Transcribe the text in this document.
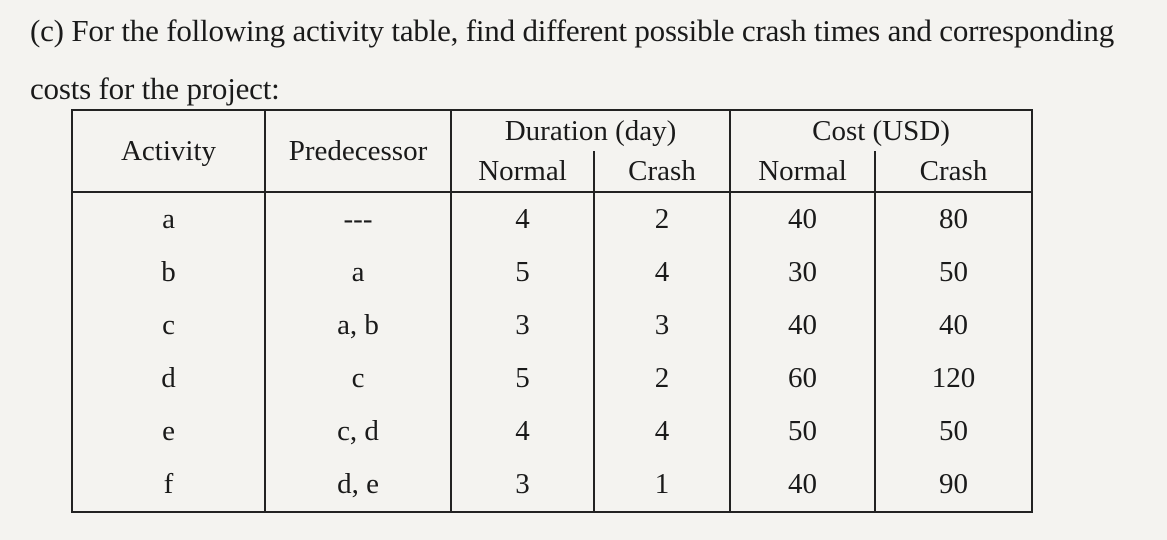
(c) For the following activity table, find different possible crash times and corresponding
costs for the project:
Activity	Predecessor	Duration (day)		Cost (USD)	
		Normal	Crash	Normal	Crash
a	---	4	2	40	80
b	a	5	4	30	50
c	a, b	3	3	40	40
d	c	5	2	60	120
e	c, d	4	4	50	50
f	d, e	3	1	40	90
